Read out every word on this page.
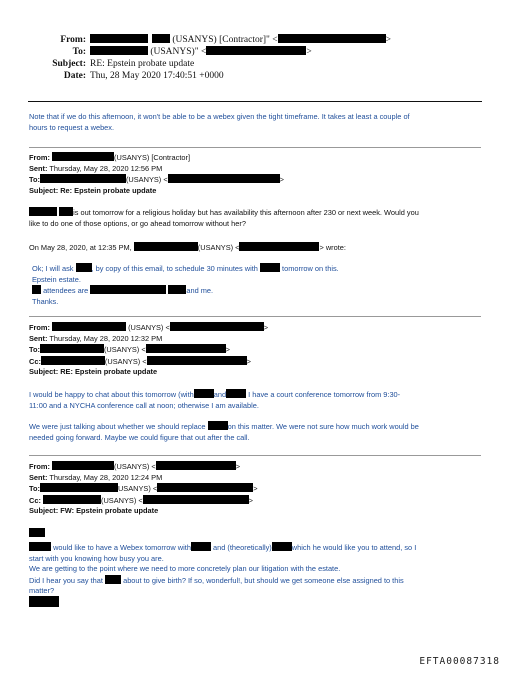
From:	(USANYS) [Contractor]" <	>
To:	(USANYS)" <	>
Subject: RE: Epstein probate update
Date: Thu, 28 May 2020 17:40:51 +0000
Note that if we do this afternoon, it won't be able to be a webex given the tight timeframe. It takes at least a couple of
hours to request a webex.
From:	(USANYS) [Contractor]
Sent: Thursday, May 28, 2020 12:56 PM
To:	(USANYS) <	>
Subject: Re: Epstein probate update
is out tomorrow for a religious holiday but has availability this afternoon after 230 or next week. Would you
like to do one of those options, or go ahead tomorrow without her?
On May 28, 2020, at 12:35 PM,	(USANYS) <	> wrote:
Ok; I will ask , by copy of this email, to schedule 30 minutes with	tomorrow on this.
Epstein estate.
attendees are	and me.
Thanks.
From:	(USANYS) <	>
Sent: Thursday, May 28, 2020 12:32 PM
To:	(USANYS) <	>
Cc:	(USANYS) <	>
Subject: RE: Epstein probate update
I would be happy to chat about this tomorrow (with	and	I have a court conference tomorrow from 9:30-
11:00 and a NYCHA conference call at noon; otherwise I am available.
We were just talking about whether we should replace	on this matter. We were not sure how much work would be
needed going forward. Maybe we could figure that out after the call.
From:	(USANYS) <	>
Sent: Thursday, May 28, 2020 12:24 PM
To:	USANYS) <	>
Cc:	(USANYS) <	>
Subject: FW: Epstein probate update
would like to have a Webex tomorrow with	and (theoretically)	which he would like you to attend, so I
start with you knowing how busy you are.
We are getting to the point where we need to more concretely plan our litigation with the estate.
Did I hear you say that	about to give birth? If so, wonderful!, but should we get someone else assigned to this
matter?
EFTA00087318
